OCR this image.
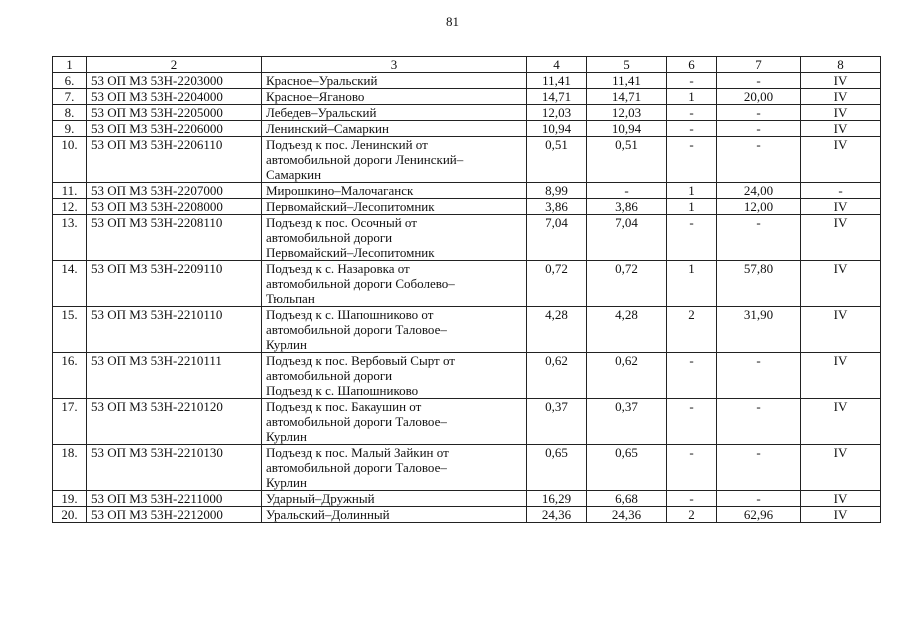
81
1	2	3	4	5	6	7	8
6.	53 ОП МЗ 53Н-2203000	Красное–Уральский	11,41	11,41	-	-	IV
7.	53 ОП МЗ 53Н-2204000	Красное–Яганово	14,71	14,71	1	20,00	IV
8.	53 ОП МЗ 53Н-2205000	Лебедев–Уральский	12,03	12,03	-	-	IV
9.	53 ОП МЗ 53Н-2206000	Ленинский–Самаркин	10,94	10,94	-	-	IV
10.	53 ОП МЗ 53Н-2206110	Подъезд к пос. Ленинский от
автомобильной дороги Ленинский–
Самаркин	0,51	0,51	-	-	IV
11.	53 ОП МЗ 53Н-2207000	Мирошкино–Малочаганск	8,99	-	1	24,00	-
12.	53 ОП МЗ 53Н-2208000	Первомайский–Лесопитомник	3,86	3,86	1	12,00	IV
13.	53 ОП МЗ 53Н-2208110	Подъезд к пос. Осочный от
автомобильной дороги
Первомайский–Лесопитомник	7,04	7,04	-	-	IV
14.	53 ОП МЗ 53Н-2209110	Подъезд к с. Назаровка от
автомобильной дороги Соболево–
Тюльпан	0,72	0,72	1	57,80	IV
15.	53 ОП МЗ 53Н-2210110	Подъезд к с. Шапошниково от
автомобильной дороги Таловое–
Курлин	4,28	4,28	2	31,90	IV
16.	53 ОП МЗ 53Н-2210111	Подъезд к пос. Вербовый Сырт от
автомобильной дороги
Подъезд к с. Шапошниково	0,62	0,62	-	-	IV
17.	53 ОП МЗ 53Н-2210120	Подъезд к пос. Бакаушин от
автомобильной дороги Таловое–
Курлин	0,37	0,37	-	-	IV
18.	53 ОП МЗ 53Н-2210130	Подъезд к пос. Малый Зайкин от
автомобильной дороги Таловое–
Курлин	0,65	0,65	-	-	IV
19.	53 ОП МЗ 53Н-2211000	Ударный–Дружный	16,29	6,68	-	-	IV
20.	53 ОП МЗ 53Н-2212000	Уральский–Долинный	24,36	24,36	2	62,96	IV
